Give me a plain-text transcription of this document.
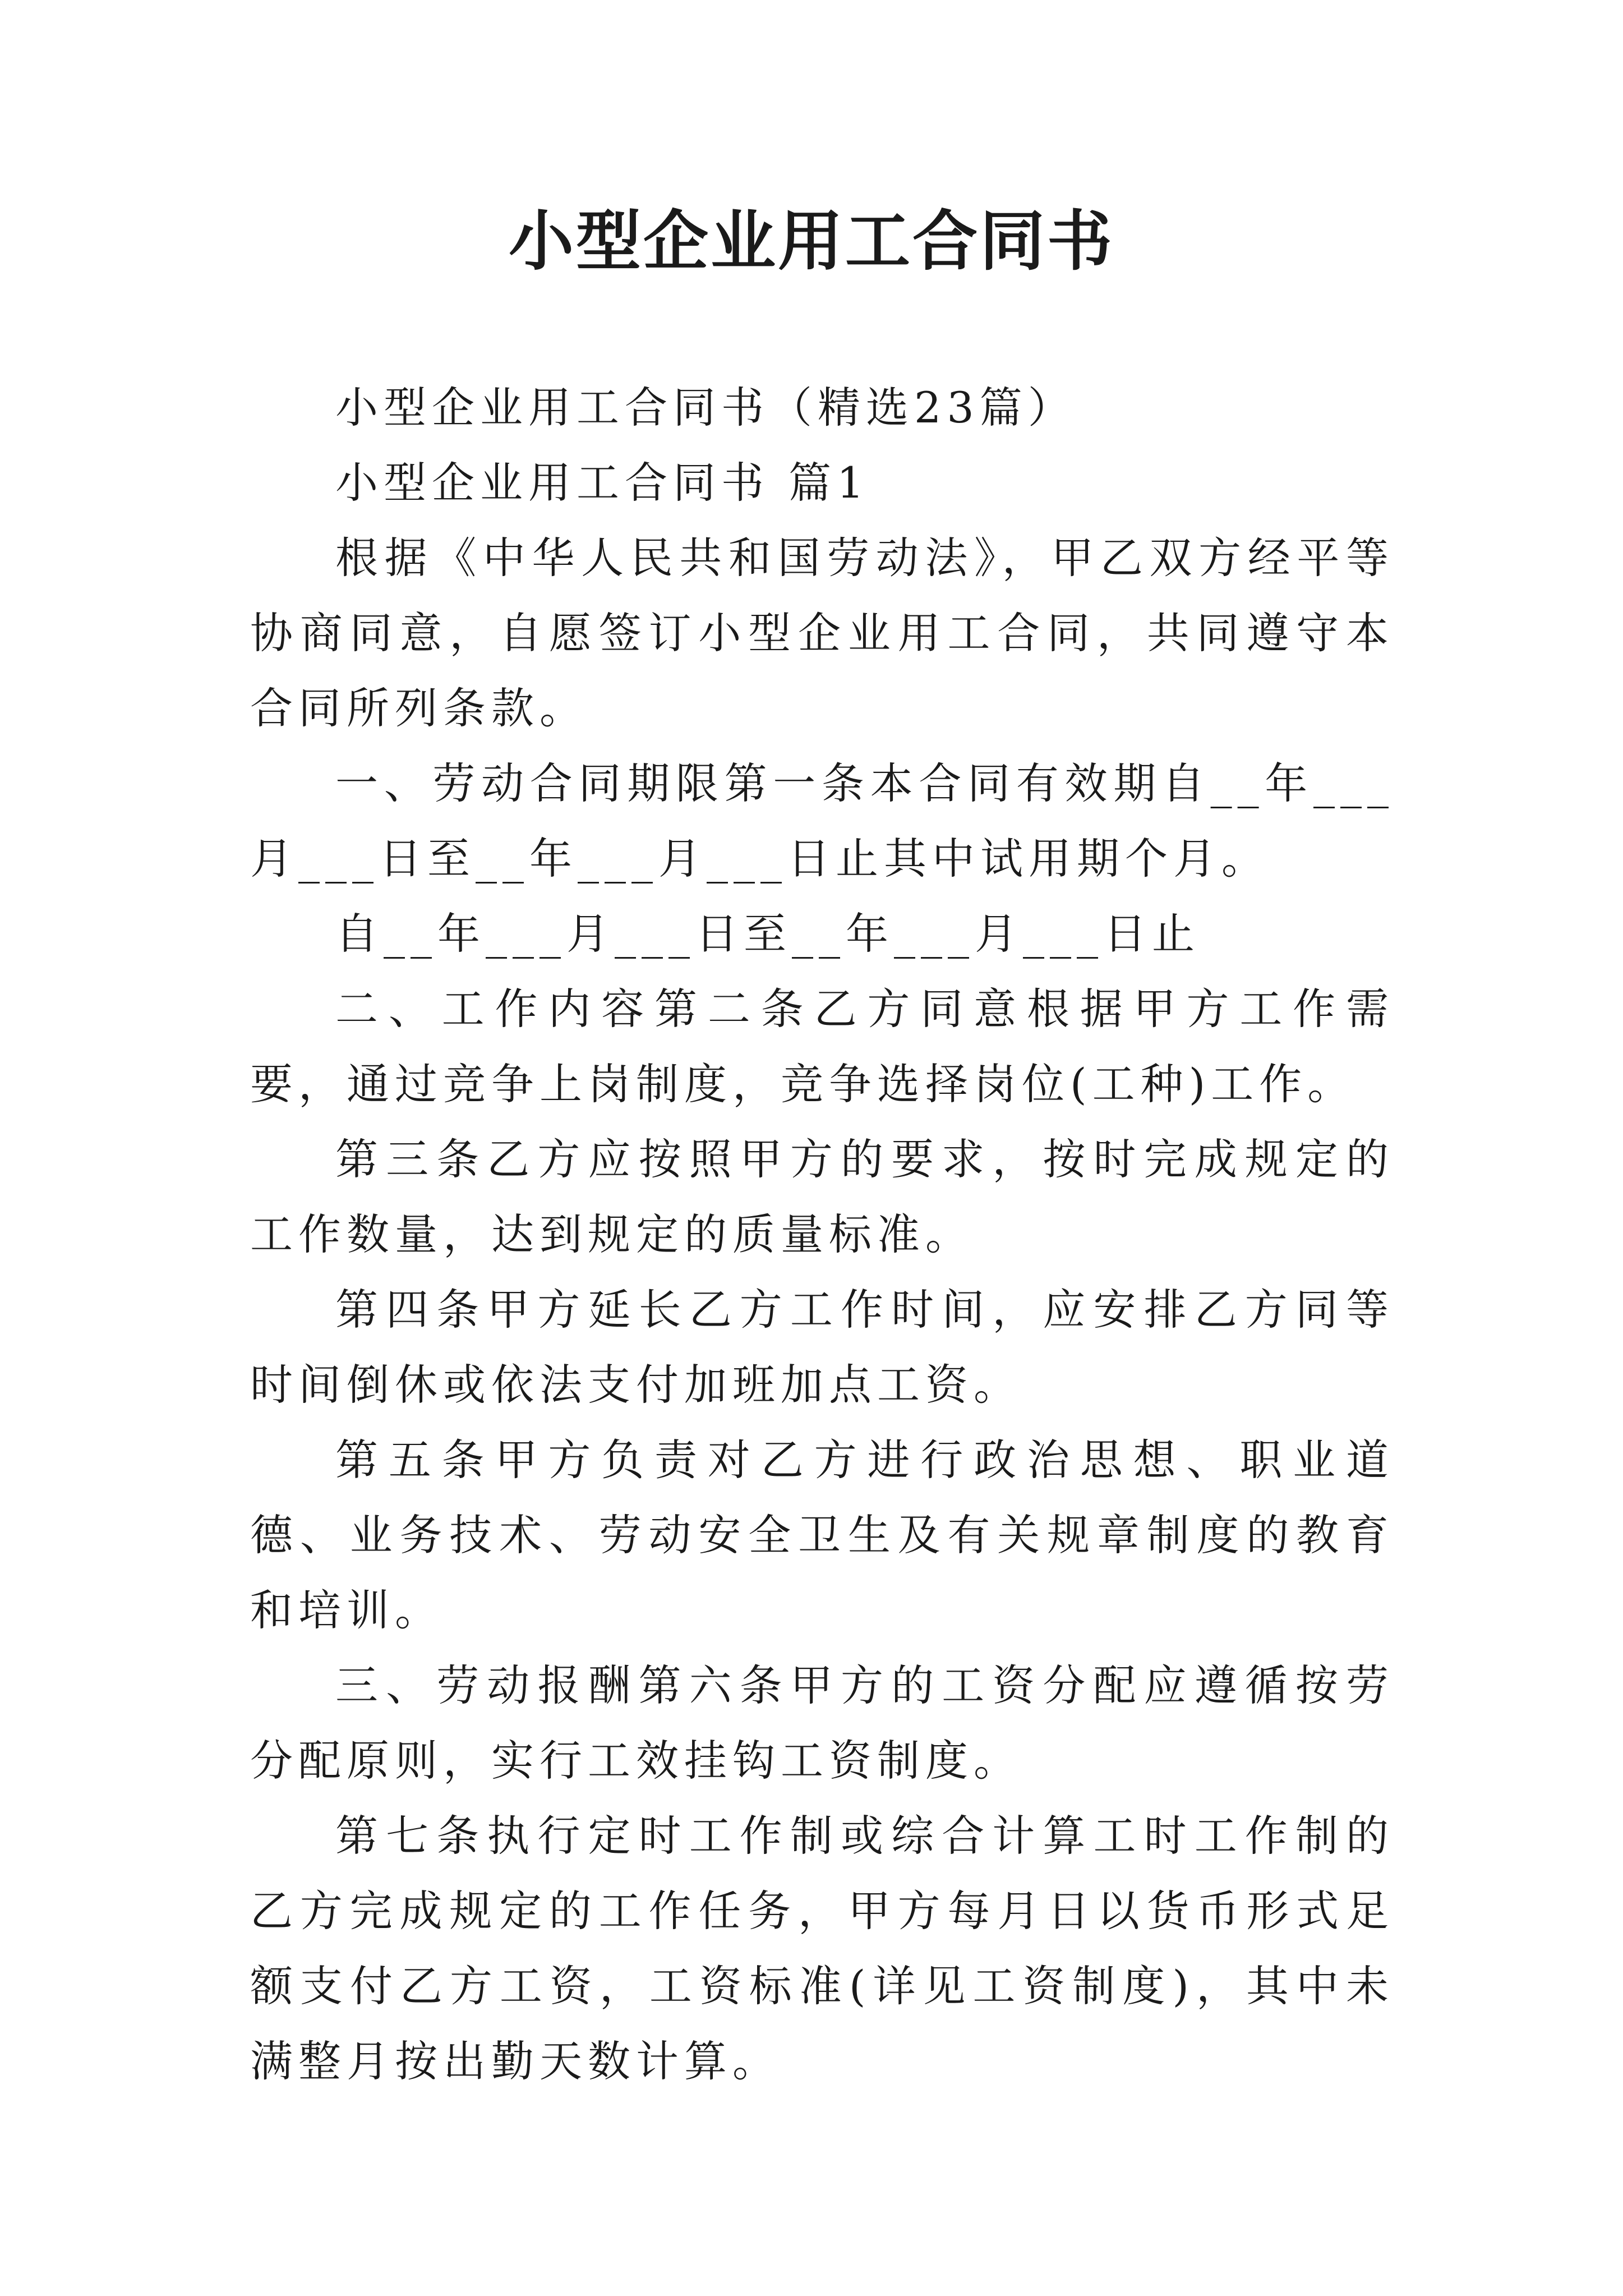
小型企业用工合同书

小型企业用工合同书（精选23篇）

小型企业用工合同书 篇1

根据《中华人民共和国劳动法》，甲乙双方经平等协商同意，自愿签订小型企业用工合同，共同遵守本合同所列条款。

一、劳动合同期限第一条本合同有效期自__年___月___日至__年___月___日止其中试用期个月。

自__年___月___日至__年___月___日止

二、工作内容第二条乙方同意根据甲方工作需要，通过竞争上岗制度，竞争选择岗位(工种)工作。

第三条乙方应按照甲方的要求，按时完成规定的工作数量，达到规定的质量标准。

第四条甲方延长乙方工作时间，应安排乙方同等时间倒休或依法支付加班加点工资。

第五条甲方负责对乙方进行政治思想、职业道德、业务技术、劳动安全卫生及有关规章制度的教育和培训。

三、劳动报酬第六条甲方的工资分配应遵循按劳分配原则，实行工效挂钩工资制度。

第七条执行定时工作制或综合计算工时工作制的乙方完成规定的工作任务，甲方每月日以货币形式足额支付乙方工资，工资标准(详见工资制度)，其中未满整月按出勤天数计算。
